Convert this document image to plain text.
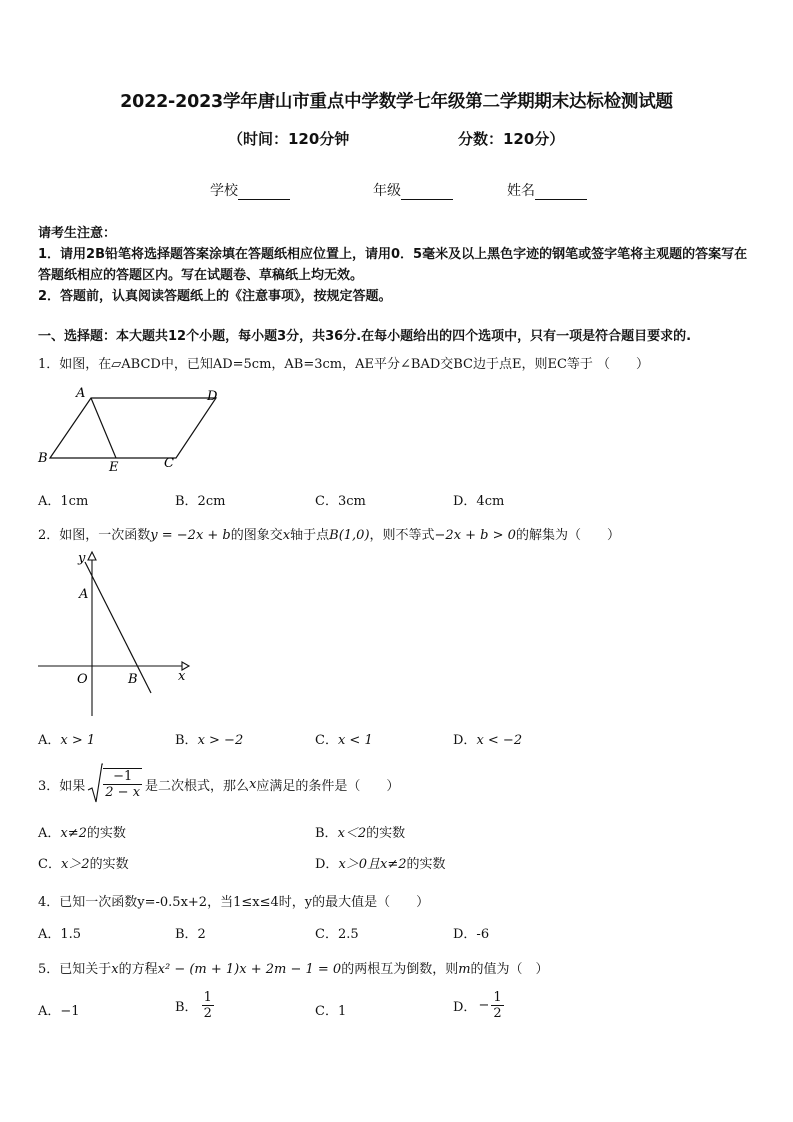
2022-2023学年唐山市重点中学数学七年级第二学期期末达标检测试题
（时间：120分钟	分数：120分）
学校	年级	姓名
请考生注意：
1．请用2B铅笔将选择题答案涂填在答题纸相应位置上，请用0．5毫米及以上黑色字迹的钢笔或签字笔将主观题的答案写在答题纸相应的答题区内。写在试题卷、草稿纸上均无效。
2．答题前，认真阅读答题纸上的《注意事项》，按规定答题。
一、选择题：本大题共12个小题，每小题3分，共36分.在每小题给出的四个选项中，只有一项是符合题目要求的.
1．如图，在▱ABCD中，已知AD=5cm，AB=3cm，AE平分∠BAD交BC边于点E，则EC等于 （　　）
A	D
B
E	C
A．1cm	B．2cm	C．3cm	D．4cm
2．如图，一次函数y = −2x + b的图象交x轴于点B(1,0)，则不等式−2x + b > 0的解集为（　　）
y
A
O	B	x
A．x > 1	B．x > −2	C．x < 1	D．x < −2
3．如果 $\frac{-1}{2 - x}$ 是二次根式，那么 x 应满足的条件是（　　）
A．x≠2的实数	B．x＜2的实数
C．x＞2的实数	D．x＞0且x≠2的实数
4．已知一次函数y=-0.5x+2，当1≤x≤4时，y的最大值是（　　）
A．1.5	B．2	C．2.5	D．-6
5．已知关于x的方程x² − (m + 1)x + 2m − 1 = 0的两根互为倒数，则m的值为（　）
A．−1	B． $\frac{1}{2}$	C．1	D． − $\frac{1}{2}$
